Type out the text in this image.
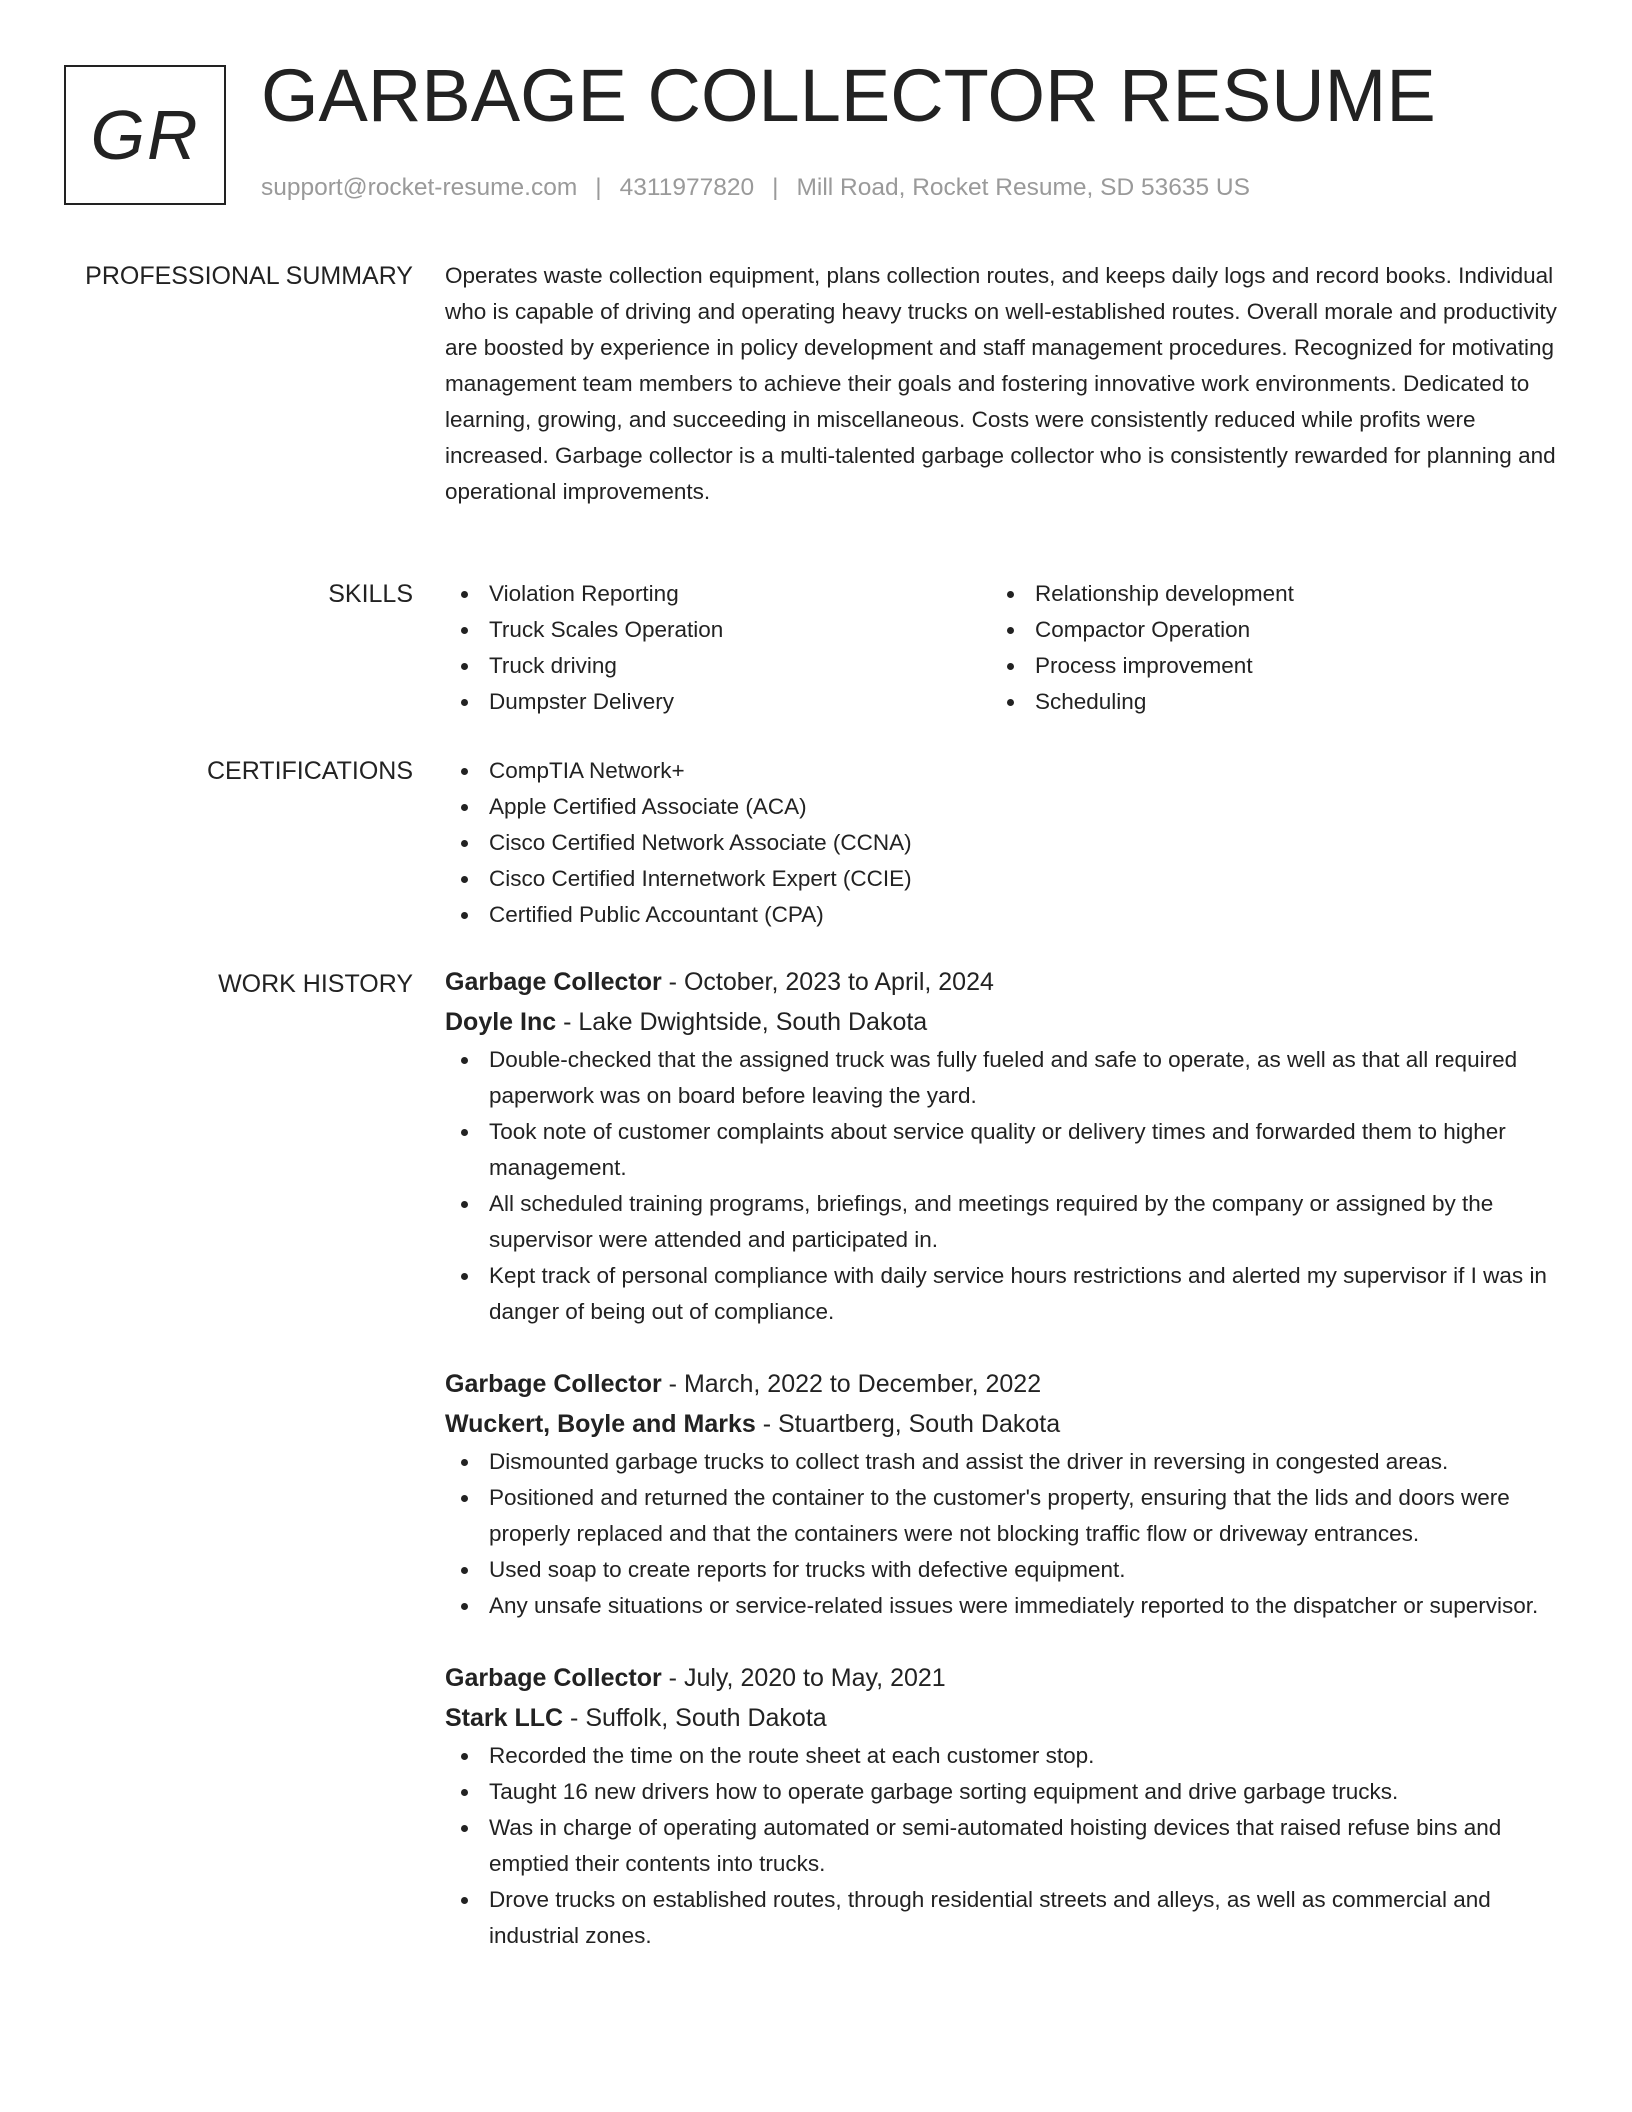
GR GARBAGE COLLECTOR RESUME
support@rocket-resume.com | 4311977820 | Mill Road, Rocket Resume, SD 53635 US
PROFESSIONAL SUMMARY Operates waste collection equipment, plans collection routes, and keeps daily logs and record books. Individual who is capable of driving and operating heavy trucks on well-established routes. Overall morale and productivity are boosted by experience in policy development and staff management procedures. Recognized for motivating management team members to achieve their goals and fostering innovative work environments. Dedicated to learning, growing, and succeeding in miscellaneous. Costs were consistently reduced while profits were increased. Garbage collector is a multi-talented garbage collector who is consistently rewarded for planning and operational improvements.

SKILLS	Violation Reporting
Truck Scales Operation
Truck driving
Dumpster Delivery
Relationship development
Compactor Operation
Process improvement
Scheduling
CERTIFICATIONS	CompTIA Network+
Apple Certified Associate (ACA)
Cisco Certified Network Associate (CCNA)
Cisco Certified Internetwork Expert (CCIE)
Certified Public Accountant (CPA)
WORK HISTORY Garbage Collector - October, 2023 to April, 2024
Doyle Inc - Lake Dwightside, South Dakota
Double-checked that the assigned truck was fully fueled and safe to operate, as well as that all required paperwork was on board before leaving the yard.
Took note of customer complaints about service quality or delivery times and forwarded them to higher management.
All scheduled training programs, briefings, and meetings required by the company or assigned by the supervisor were attended and participated in.
Kept track of personal compliance with daily service hours restrictions and alerted my supervisor if I was in danger of being out of compliance.
Garbage Collector - March, 2022 to December, 2022
Wuckert, Boyle and Marks - Stuartberg, South Dakota
Dismounted garbage trucks to collect trash and assist the driver in reversing in congested areas.
Positioned and returned the container to the customer's property, ensuring that the lids and doors were properly replaced and that the containers were not blocking traffic flow or driveway entrances.
Used soap to create reports for trucks with defective equipment.
Any unsafe situations or service-related issues were immediately reported to the dispatcher or supervisor.
Garbage Collector - July, 2020 to May, 2021
Stark LLC - Suffolk, South Dakota
Recorded the time on the route sheet at each customer stop.
Taught 16 new drivers how to operate garbage sorting equipment and drive garbage trucks.
Was in charge of operating automated or semi-automated hoisting devices that raised refuse bins and emptied their contents into trucks.
Drove trucks on established routes, through residential streets and alleys, as well as commercial and industrial zones.
